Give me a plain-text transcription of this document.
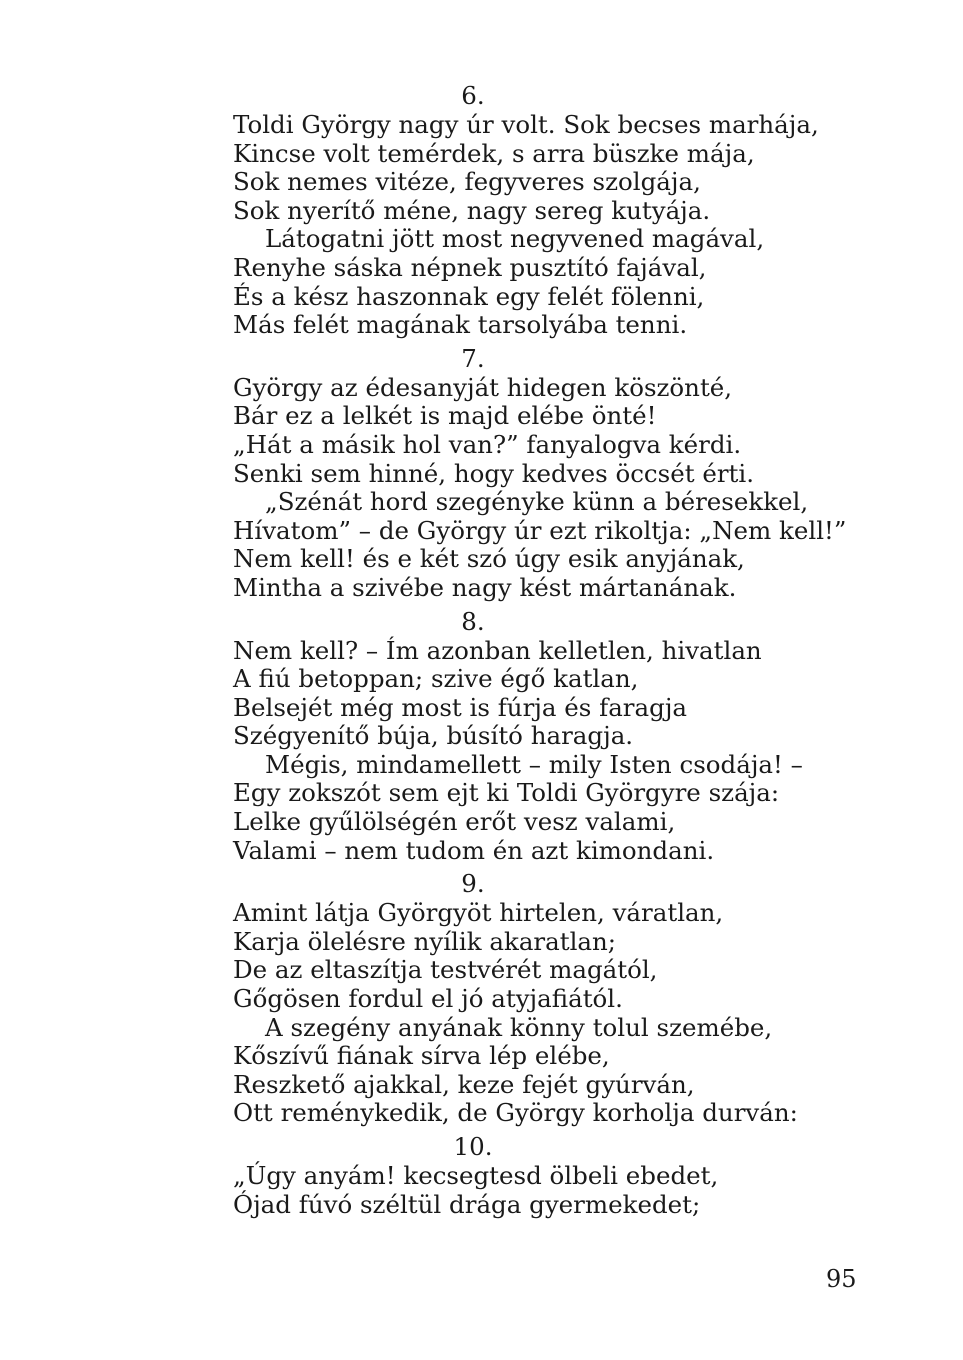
6.
Toldi György nagy úr volt. Sok becses marhája,
Kincse volt temérdek, s arra büszke mája,
Sok nemes vitéze, fegyveres szolgája,
Sok nyerítő méne, nagy sereg kutyája.
Látogatni jött most negyvened magával,
Renyhe sáska népnek pusztító fajával,
És a kész haszonnak egy felét fölenni,
Más felét magának tarsolyába tenni.
7.
György az édesanyját hidegen köszönté,
Bár ez a lelkét is majd elébe önté!
„Hát a másik hol van?” fanyalogva kérdi.
Senki sem hinné, hogy kedves öccsét érti.
„Szénát hord szegényke künn a béresekkel,
Hívatom” – de György úr ezt rikoltja: „Nem kell!”
Nem kell! és e két szó úgy esik anyjának,
Mintha a szivébe nagy kést mártanának.
8.
Nem kell? – Ím azonban kelletlen, hivatlan
A fiú betoppan; szive égő katlan,
Belsejét még most is fúrja és faragja
Szégyenítő búja, búsító haragja.
Mégis, mindamellett – mily Isten csodája! –
Egy zokszót sem ejt ki Toldi Györgyre szája:
Lelke gyűlölségén erőt vesz valami,
Valami – nem tudom én azt kimondani.
9.
Amint látja Györgyöt hirtelen, váratlan,
Karja ölelésre nyílik akaratlan;
De az eltaszítja testvérét magától,
Gőgösen fordul el jó atyjafiától.
A szegény anyának könny tolul szemébe,
Kőszívű fiának sírva lép elébe,
Reszkető ajakkal, keze fejét gyúrván,
Ott reménykedik, de György korholja durván:
10.
„Úgy anyám! kecsegtesd ölbeli ebedet,
Ójad fúvó széltül drága gyermekedet;
95
